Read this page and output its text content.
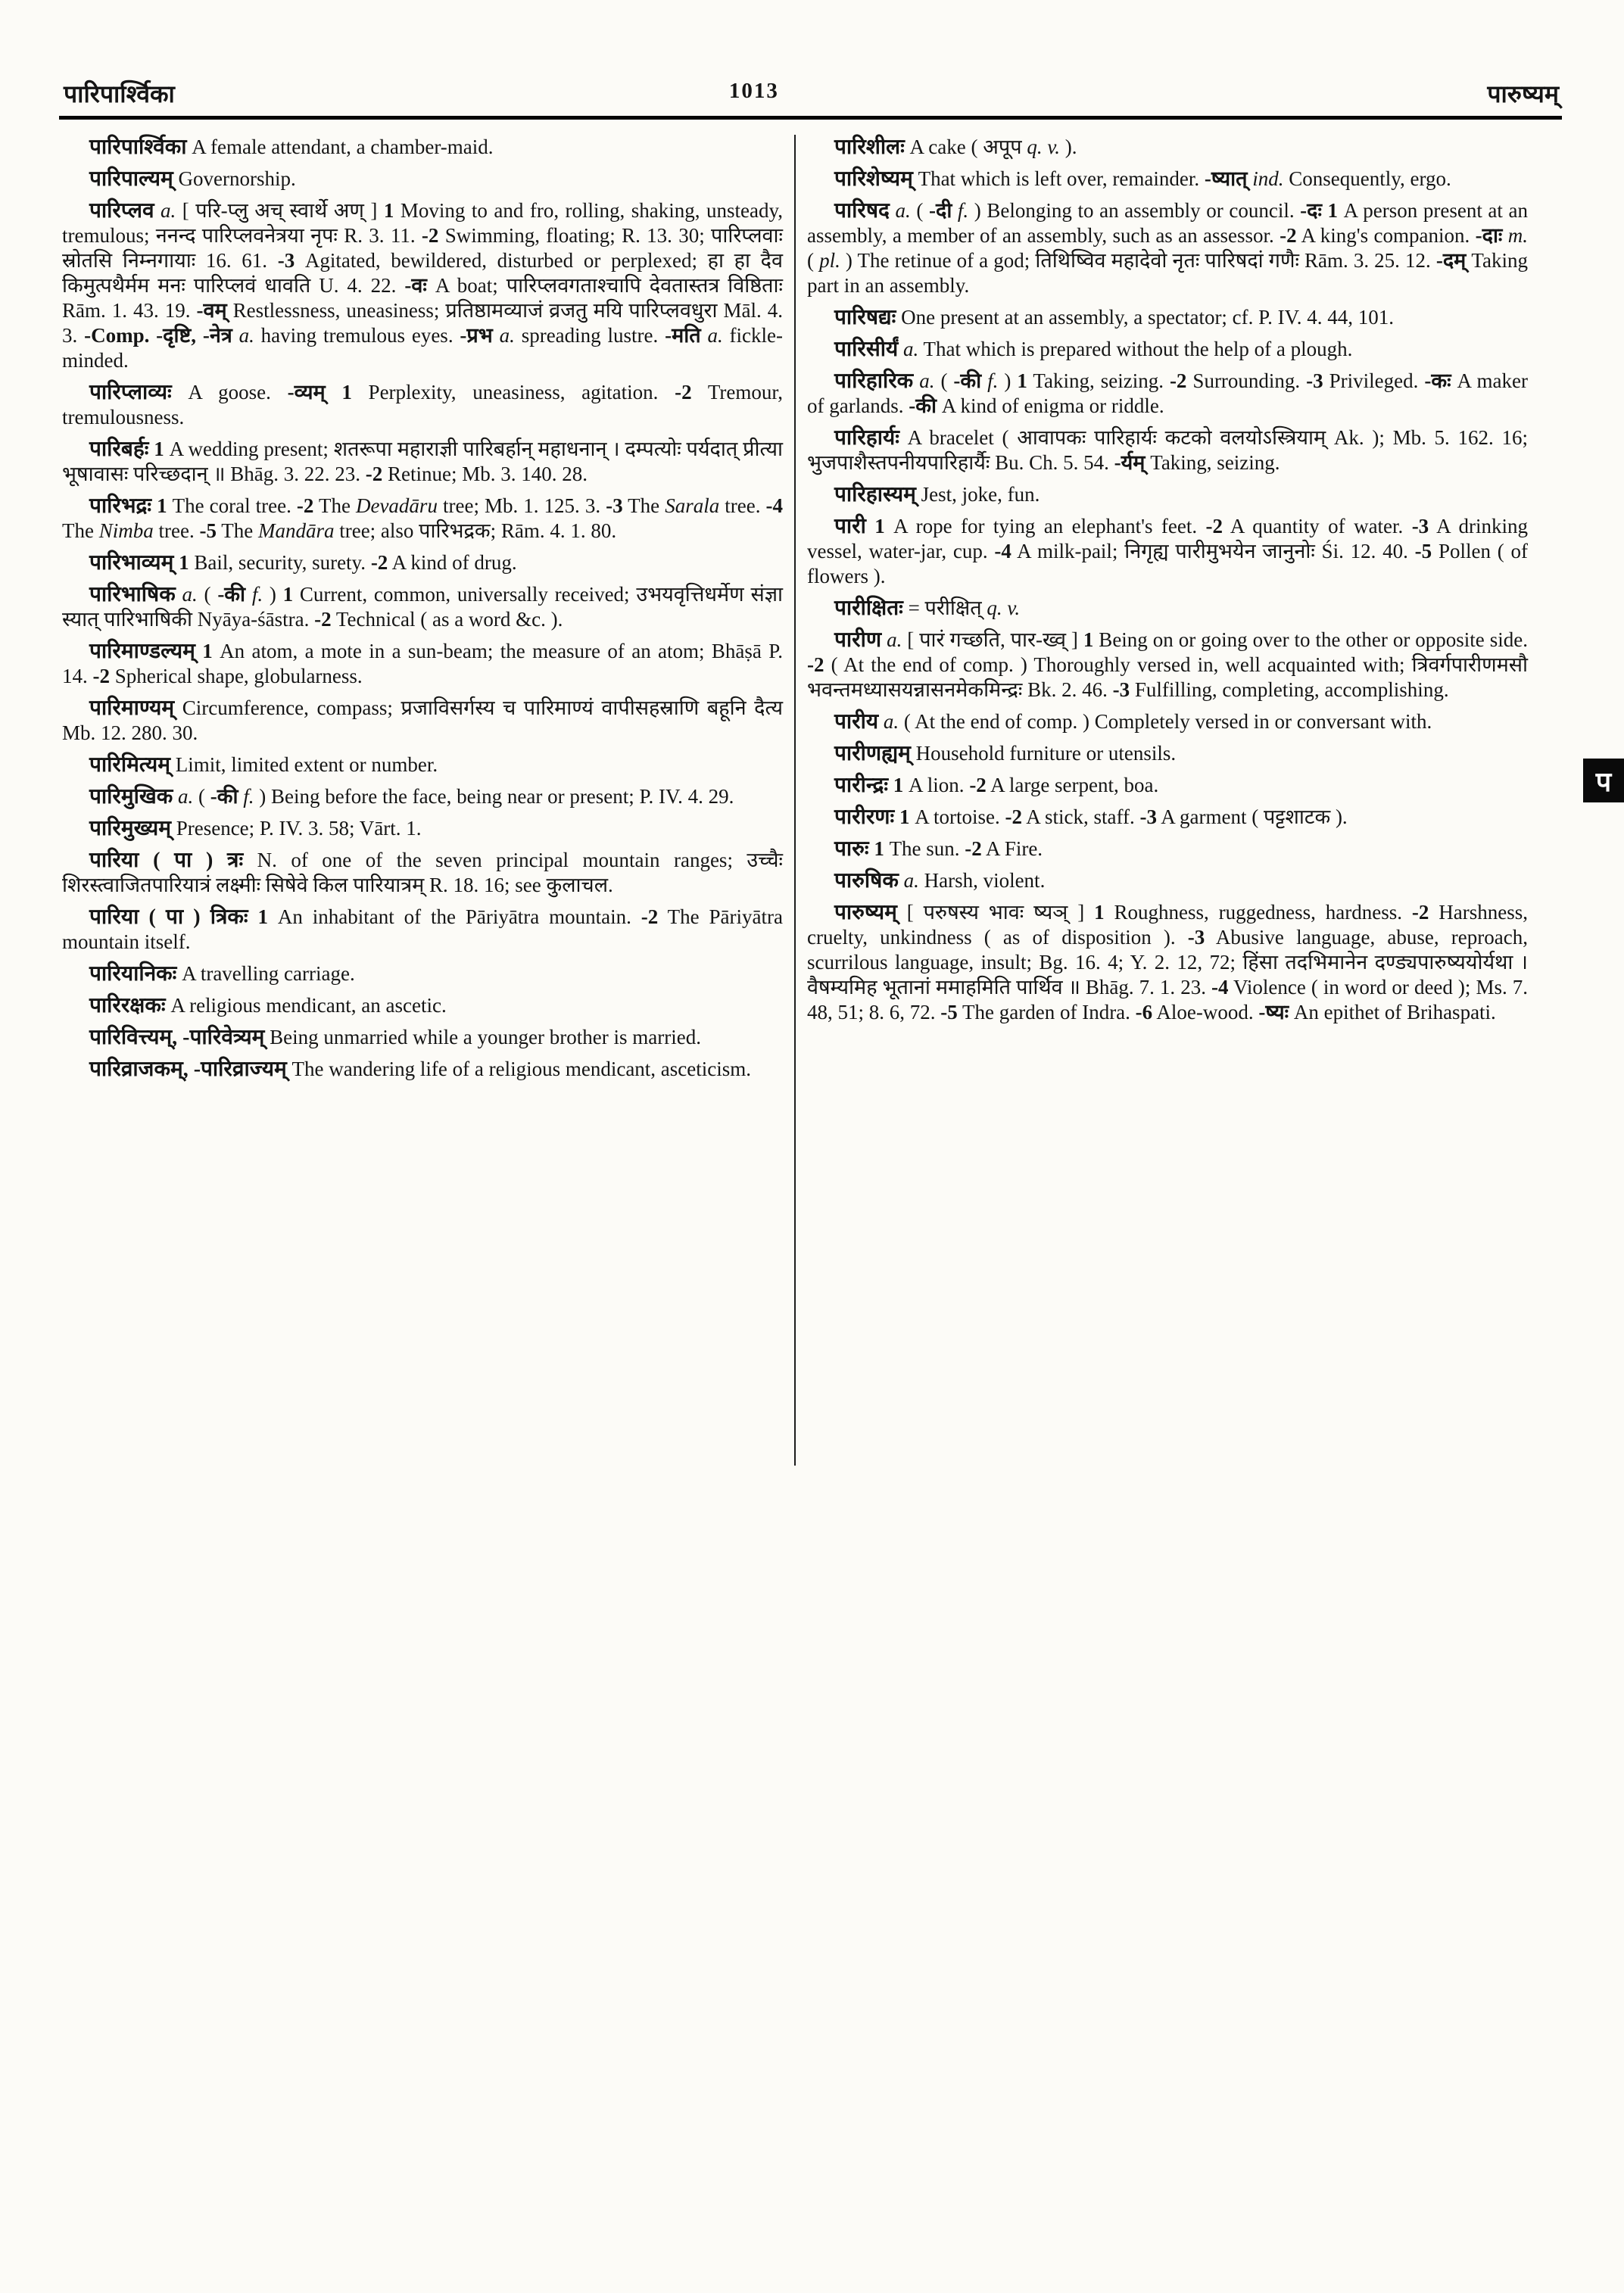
पारिपार्श्विका	1013	पारुष्यम्

पारिपार्श्विका A female attendant, a chamber-maid.

पारिपाल्यम् Governorship.

पारिप्लव a. [ परि-प्लु अच् स्वार्थे अण् ] 1 Moving to and fro, rolling, shaking, unsteady, tremulous; ननन्द पारिप्लवनेत्रया नृपः R. 3. 11. -2 Swimming, floating; R. 13. 30; पारिप्लवाः स्रोतसि निम्नगायाः 16. 61. -3 Agitated, bewildered, disturbed or perplexed; हा हा दैव किमुत्पथैर्मम मनः पारिप्लवं धावति U. 4. 22. -वः A boat; पारिप्लवगताश्चापि देवतास्तत्र विष्ठिताः Rām. 1. 43. 19. -वम् Restlessness, uneasiness; प्रतिष्ठामव्याजं व्रजतु मयि पारिप्लवधुरा Māl. 4. 3. -Comp. -दृष्टि, -नेत्र a. having tremulous eyes. -प्रभ a. spreading lustre. -मति a. fickle-minded.

पारिप्लाव्यः A goose. -व्यम् 1 Perplexity, uneasiness, agitation. -2 Tremour, tremulousness.

पारिबर्हः 1 A wedding present; शतरूपा महाराज्ञी पारिबर्हान् महाधनान् । दम्पत्योः पर्यदात् प्रीत्या भूषावासः परिच्छदान् ॥ Bhāg. 3. 22. 23. -2 Retinue; Mb. 3. 140. 28.

पारिभद्रः 1 The coral tree. -2 The Devadāru tree; Mb. 1. 125. 3. -3 The Sarala tree. -4 The Nimba tree. -5 The Mandāra tree; also पारिभद्रक; Rām. 4. 1. 80.

पारिभाव्यम् 1 Bail, security, surety. -2 A kind of drug.

पारिभाषिक a. ( -की f. ) 1 Current, common, universally received; उभयवृत्तिधर्मेण संज्ञा स्यात् पारिभाषिकी Nyāya-śāstra. -2 Technical ( as a word &c. ).

पारिमाण्डल्यम् 1 An atom, a mote in a sun-beam; the measure of an atom; Bhāṣā P. 14. -2 Spherical shape, globularness.

पारिमाण्यम् Circumference, compass; प्रजाविसर्गस्य च पारिमाण्यं वापीसहस्राणि बहूनि दैत्य Mb. 12. 280. 30.

पारिमित्यम् Limit, limited extent or number.

पारिमुखिक a. ( -की f. ) Being before the face, being near or present; P. IV. 4. 29.

पारिमुख्यम् Presence; P. IV. 3. 58; Vārt. 1.

पारिया ( पा ) त्रः N. of one of the seven principal mountain ranges; उच्चैः शिरस्त्वाजितपारियात्रं लक्ष्मीः सिषेवे किल पारियात्रम् R. 18. 16; see कुलाचल.

पारिया ( पा ) त्रिकः 1 An inhabitant of the Pāriyātra mountain. -2 The Pāriyātra mountain itself.

पारियानिकः A travelling carriage.

पारिरक्षकः A religious mendicant, an ascetic.

पारिवित्त्यम्, -पारिवेत्र्यम् Being unmarried while a younger brother is married.

पारिव्राजकम्, -पारिव्राज्यम् The wandering life of a religious mendicant, asceticism.

पारिशीलः A cake ( अपूप q. v. ).

पारिशेष्यम् That which is left over, remainder. -ष्यात् ind. Consequently, ergo.

पारिषद a. ( -दी f. ) Belonging to an assembly or council. -दः 1 A person present at an assembly, a member of an assembly, such as an assessor. -2 A king's companion. -दाः m. ( pl. ) The retinue of a god; तिथिष्विव महादेवो नृतः पारिषदां गणैः Rām. 3. 25. 12. -दम् Taking part in an assembly.

पारिषद्यः One present at an assembly, a spectator; cf. P. IV. 4. 44, 101.

पारिसीर्यं a. That which is prepared without the help of a plough.

पारिहारिक a. ( -की f. ) 1 Taking, seizing. -2 Surrounding. -3 Privileged. -कः A maker of garlands. -की A kind of enigma or riddle.

पारिहार्यः A bracelet ( आवापकः पारिहार्यः कटको वलयोऽस्त्रियाम् Ak. ); Mb. 5. 162. 16; भुजपाशैस्तपनीयपारिहार्यैः Bu. Ch. 5. 54. -र्यम् Taking, seizing.

पारिहास्यम् Jest, joke, fun.

पारी 1 A rope for tying an elephant's feet. -2 A quantity of water. -3 A drinking vessel, water-jar, cup. -4 A milk-pail; निगृह्य पारीमुभयेन जानुनोः Śi. 12. 40. -5 Pollen ( of flowers ).

पारीक्षितः = परीक्षित् q. v.

पारीण a. [ पारं गच्छति, पार-ख्व् ] 1 Being on or going over to the other or opposite side. -2 ( At the end of comp. ) Thoroughly versed in, well acquainted with; त्रिवर्गपारीणमसौ भवन्तमध्यासयन्नासनमेकमिन्द्रः Bk. 2. 46. -3 Fulfilling, completing, accomplishing.

पारीय a. ( At the end of comp. ) Completely versed in or conversant with.

पारीणह्यम् Household furniture or utensils.

पारीन्द्रः 1 A lion. -2 A large serpent, boa.

पारीरणः 1 A tortoise. -2 A stick, staff. -3 A garment ( पट्टशाटक ).

पारुः 1 The sun. -2 A Fire.

पारुषिक a. Harsh, violent.

पारुष्यम् [ परुषस्य भावः ष्यञ् ] 1 Roughness, ruggedness, hardness. -2 Harshness, cruelty, unkindness ( as of disposition ). -3 Abusive language, abuse, reproach, scurrilous language, insult; Bg. 16. 4; Y. 2. 12, 72; हिंसा तदभिमानेन दण्ड्यपारुष्ययोर्यथा । वैषम्यमिह भूतानां ममाहमिति पार्थिव ॥ Bhāg. 7. 1. 23. -4 Violence ( in word or deed ); Ms. 7. 48, 51; 8. 6, 72. -5 The garden of Indra. -6 Aloe-wood. -ष्यः An epithet of Brihaspati.

प
